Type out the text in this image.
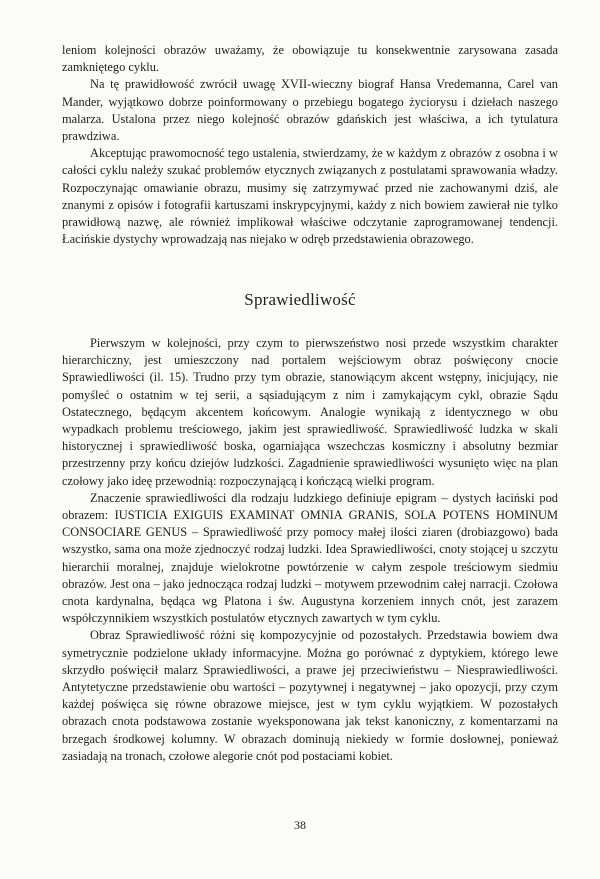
leniom kolejności obrazów uważamy, że obowiązuje tu konsekwentnie zarysowana zasada zamkniętego cyklu.

Na tę prawidłowość zwrócił uwagę XVII-wieczny biograf Hansa Vredemanna, Carel van Mander, wyjątkowo dobrze poinformowany o przebiegu bogatego życiorysu i dziełach naszego malarza. Ustalona przez niego kolejność obrazów gdańskich jest właściwa, a ich tytulatura prawdziwa.

Akceptując prawomocność tego ustalenia, stwierdzamy, że w każdym z obrazów z osobna i w całości cyklu należy szukać problemów etycznych związanych z postulatami sprawowania władzy. Rozpoczynając omawianie obrazu, musimy się zatrzymywać przed nie zachowanymi dziś, ale znanymi z opisów i fotografii kartuszami inskrypcyjnymi, każdy z nich bowiem zawierał nie tylko prawidłową nazwę, ale również implikował właściwe odczytanie zaprogramowanej tendencji. Łacińskie dystychy wprowadzają nas niejako w odręb przedstawienia obrazowego.

Sprawiedliwość

Pierwszym w kolejności, przy czym to pierwszeństwo nosi przede wszystkim charakter hierarchiczny, jest umieszczony nad portalem wejściowym obraz poświęcony cnocie Sprawiedliwości (il. 15). Trudno przy tym obrazie, stanowiącym akcent wstępny, inicjujący, nie pomyśleć o ostatnim w tej serii, a sąsiadującym z nim i zamykającym cykl, obrazie Sądu Ostatecznego, będącym akcentem końcowym. Analogie wynikają z identycznego w obu wypadkach problemu treściowego, jakim jest sprawiedliwość. Sprawiedliwość ludzka w skali historycznej i sprawiedliwość boska, ogarniająca wszechczas kosmiczny i absolutny bezmiar przestrzenny przy końcu dziejów ludzkości. Zagadnienie sprawiedliwości wysunięto więc na plan czołowy jako ideę przewodnią: rozpoczynającą i kończącą wielki program.

Znaczenie sprawiedliwości dla rodzaju ludzkiego definiuje epigram – dystych łaciński pod obrazem: IUSTICIA EXIGUIS EXAMINAT OMNIA GRANIS, SOLA POTENS HOMINUM CONSOCIARE GENUS – Sprawiedliwość przy pomocy małej ilości ziaren (drobiazgowo) bada wszystko, sama ona może zjednoczyć rodzaj ludzki. Idea Sprawiedliwości, cnoty stojącej u szczytu hierarchii moralnej, znajduje wielokrotne powtórzenie w całym zespole treściowym siedmiu obrazów. Jest ona – jako jednocząca rodzaj ludzki – motywem przewodnim całej narracji. Czołowa cnota kardynalna, będąca wg Platona i św. Augustyna korzeniem innych cnót, jest zarazem współczynnikiem wszystkich postulatów etycznych zawartych w tym cyklu.

Obraz Sprawiedliwość różni się kompozycyjnie od pozostałych. Przedstawia bowiem dwa symetrycznie podzielone układy informacyjne. Można go porównać z dyptykiem, którego lewe skrzydło poświęcił malarz Sprawiedliwości, a prawe jej przeciwieństwu – Niesprawiedliwości. Antytetyczne przedstawienie obu wartości – pozytywnej i negatywnej – jako opozycji, przy czym każdej poświęca się równe obrazowe miejsce, jest w tym cyklu wyjątkiem. W pozostałych obrazach cnota podstawowa zostanie wyeksponowana jak tekst kanoniczny, z komentarzami na brzegach środkowej kolumny. W obrazach dominują niekiedy w formie dosłownej, ponieważ zasiadają na tronach, czołowe alegorie cnót pod postaciami kobiet.

38
